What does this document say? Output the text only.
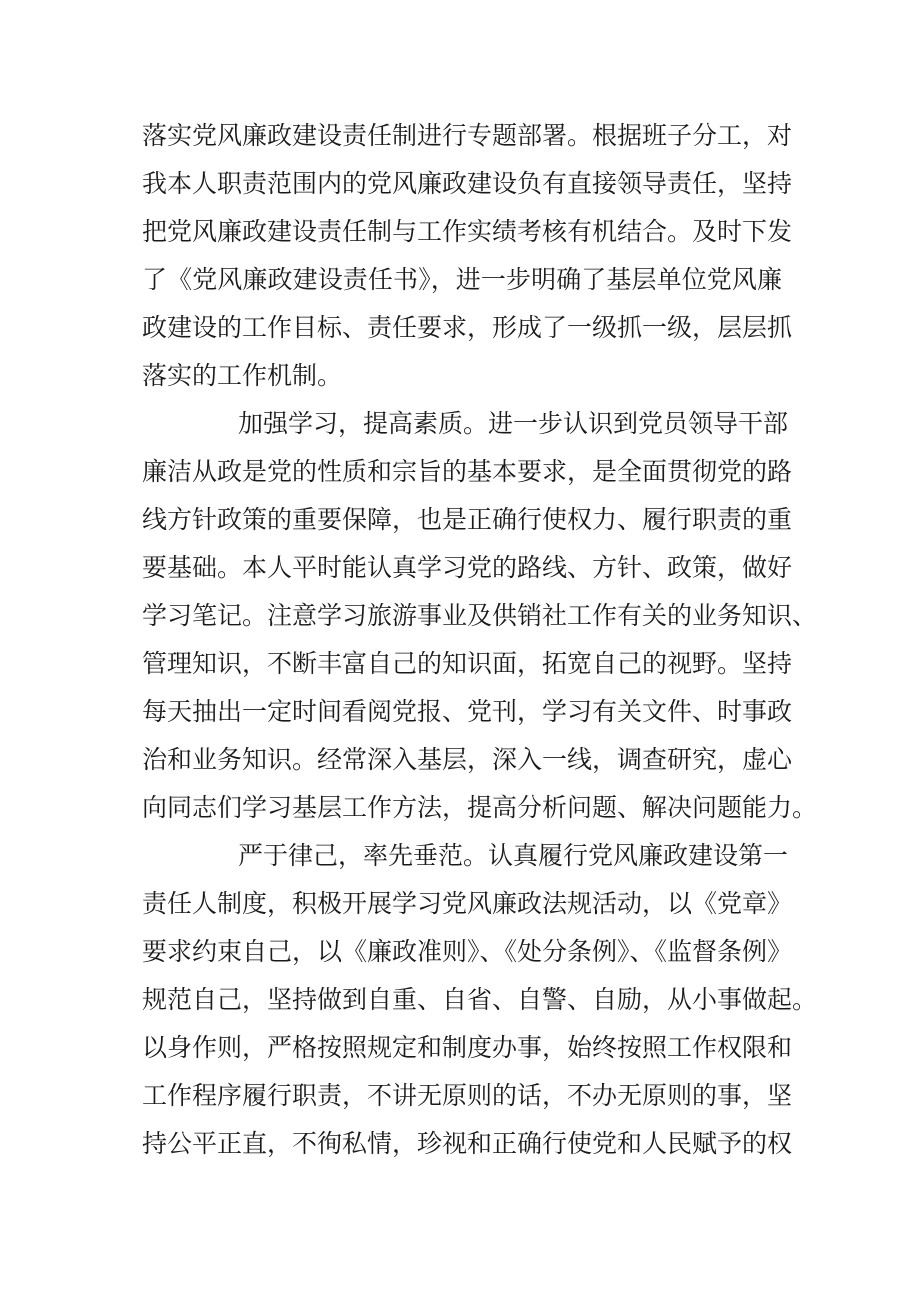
落实党风廉政建设责任制进行专题部署。根据班子分工，对
我本人职责范围内的党风廉政建设负有直接领导责任，坚持
把党风廉政建设责任制与工作实绩考核有机结合。及时下发
了《党风廉政建设责任书》，进一步明确了基层单位党风廉
政建设的工作目标、责任要求，形成了一级抓一级，层层抓
落实的工作机制。
加强学习，提高素质。进一步认识到党员领导干部
廉洁从政是党的性质和宗旨的基本要求，是全面贯彻党的路
线方针政策的重要保障，也是正确行使权力、履行职责的重
要基础。本人平时能认真学习党的路线、方针、政策，做好
学习笔记。注意学习旅游事业及供销社工作有关的业务知识、
管理知识，不断丰富自己的知识面，拓宽自己的视野。坚持
每天抽出一定时间看阅党报、党刊，学习有关文件、时事政
治和业务知识。经常深入基层，深入一线，调查研究，虚心
向同志们学习基层工作方法，提高分析问题、解决问题能力。
严于律己，率先垂范。认真履行党风廉政建设第一
责任人制度，积极开展学习党风廉政法规活动，以《党章》
要求约束自己，以《廉政准则》、《处分条例》、《监督条例》
规范自己，坚持做到自重、自省、自警、自励，从小事做起。
以身作则，严格按照规定和制度办事，始终按照工作权限和
工作程序履行职责，不讲无原则的话，不办无原则的事，坚
持公平正直，不徇私情，珍视和正确行使党和人民赋予的权
